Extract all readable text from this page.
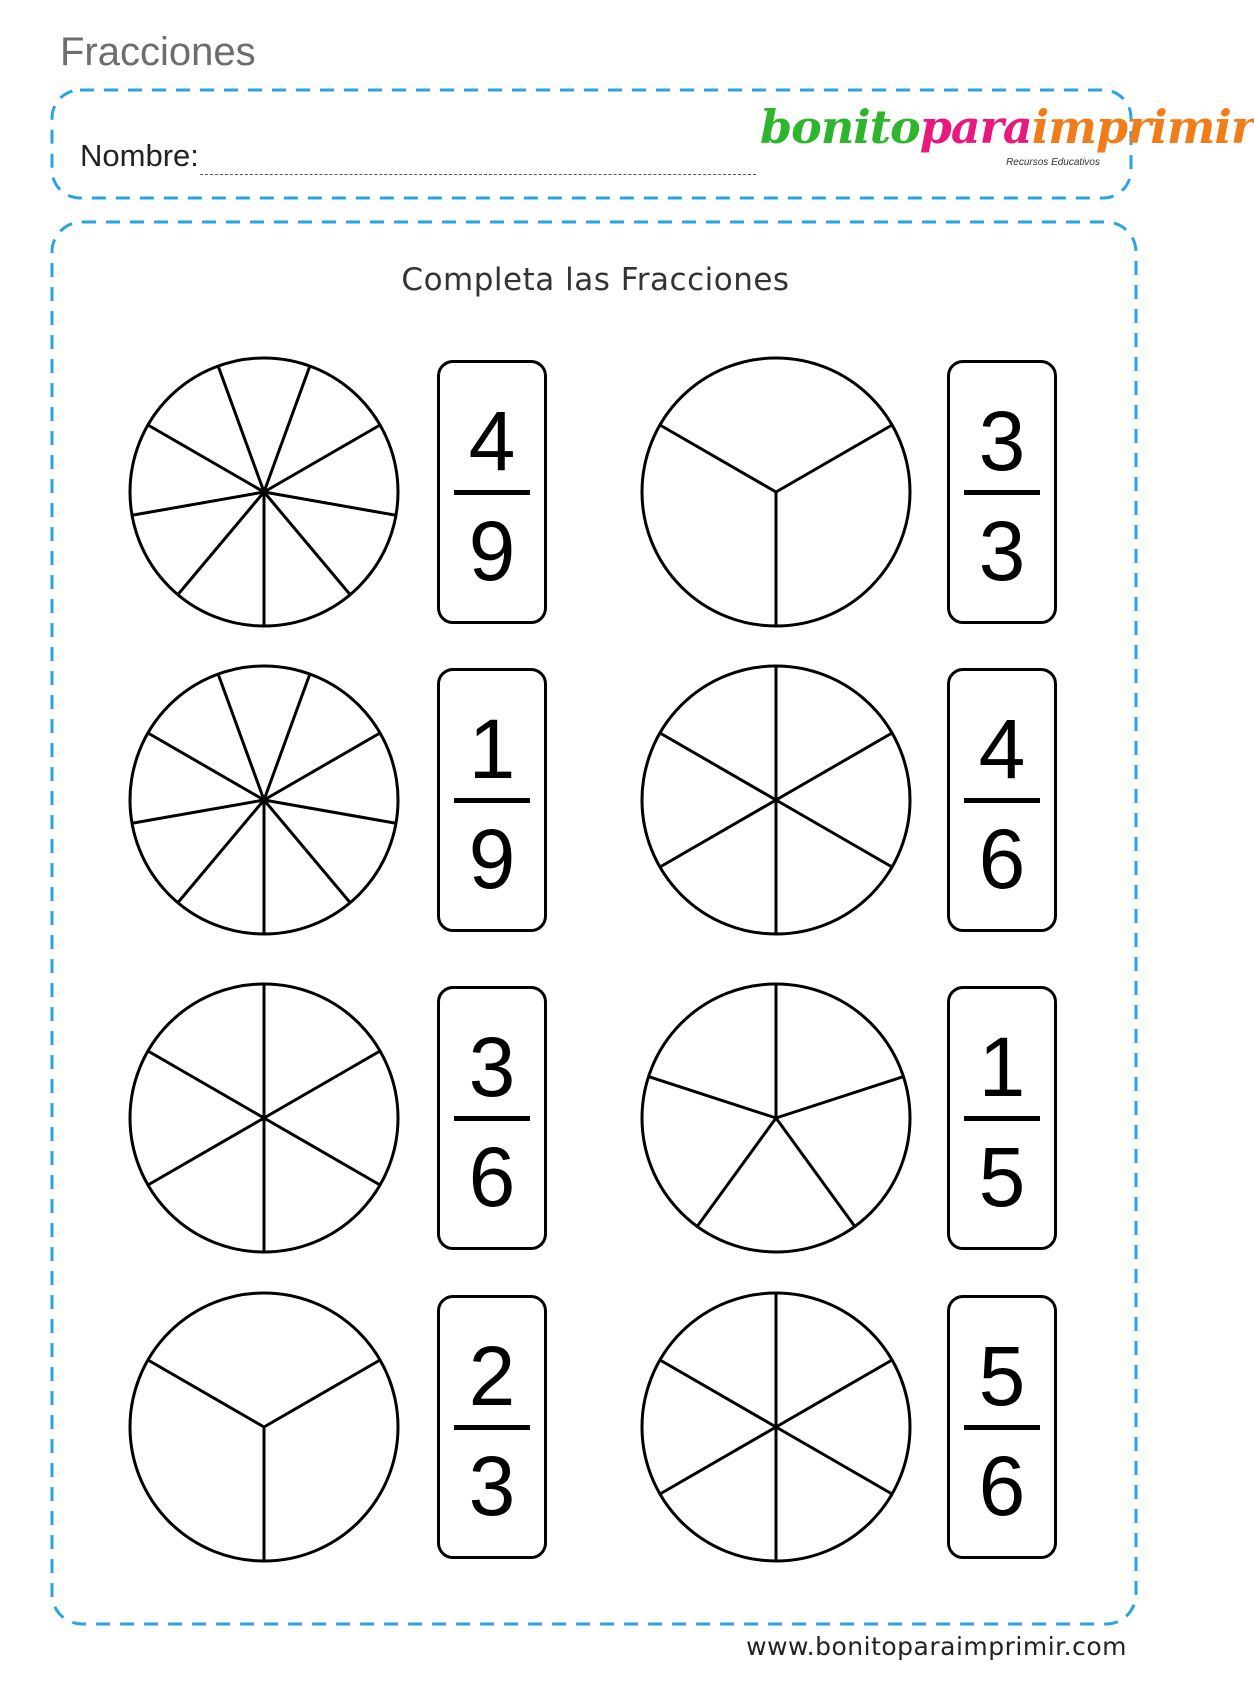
Fracciones
Nombre:
bonitoparaimprimir
Recursos Educativos
Completa las Fracciones
4
9
3
3
1
9
4
6
3
6
1
5
2
3
5
6
www.bonitoparaimprimir.com
